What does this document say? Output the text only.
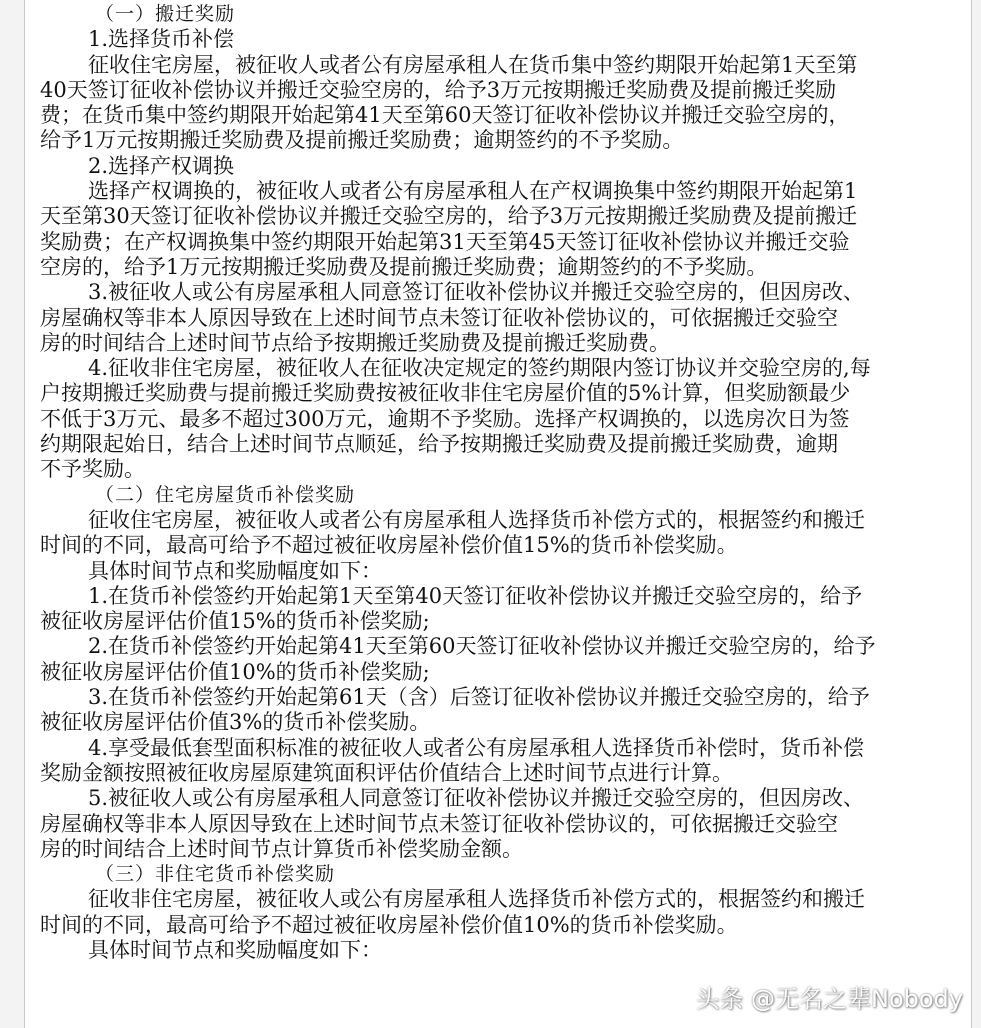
（一）搬迁奖励
1.选择货币补偿
征收住宅房屋，被征收人或者公有房屋承租人在货币集中签约期限开始起第1天至第
40天签订征收补偿协议并搬迁交验空房的，给予3万元按期搬迁奖励费及提前搬迁奖励
费；在货币集中签约期限开始起第41天至第60天签订征收补偿协议并搬迁交验空房的，
给予1万元按期搬迁奖励费及提前搬迁奖励费；逾期签约的不予奖励。
2.选择产权调换
选择产权调换的，被征收人或者公有房屋承租人在产权调换集中签约期限开始起第1
天至第30天签订征收补偿协议并搬迁交验空房的，给予3万元按期搬迁奖励费及提前搬迁
奖励费；在产权调换集中签约期限开始起第31天至第45天签订征收补偿协议并搬迁交验
空房的，给予1万元按期搬迁奖励费及提前搬迁奖励费；逾期签约的不予奖励。
3.被征收人或公有房屋承租人同意签订征收补偿协议并搬迁交验空房的，但因房改、
房屋确权等非本人原因导致在上述时间节点未签订征收补偿协议的，可依据搬迁交验空
房的时间结合上述时间节点给予按期搬迁奖励费及提前搬迁奖励费。
4.征收非住宅房屋，被征收人在征收决定规定的签约期限内签订协议并交验空房的,每
户按期搬迁奖励费与提前搬迁奖励费按被征收非住宅房屋价值的5%计算，但奖励额最少
不低于3万元、最多不超过300万元，逾期不予奖励。选择产权调换的，以选房次日为签
约期限起始日，结合上述时间节点顺延，给予按期搬迁奖励费及提前搬迁奖励费，逾期
不予奖励。
（二）住宅房屋货币补偿奖励
征收住宅房屋，被征收人或者公有房屋承租人选择货币补偿方式的，根据签约和搬迁
时间的不同，最高可给予不超过被征收房屋补偿价值15%的货币补偿奖励。
具体时间节点和奖励幅度如下：
1.在货币补偿签约开始起第1天至第40天签订征收补偿协议并搬迁交验空房的，给予
被征收房屋评估价值15%的货币补偿奖励;
2.在货币补偿签约开始起第41天至第60天签订征收补偿协议并搬迁交验空房的，给予
被征收房屋评估价值10%的货币补偿奖励;
3.在货币补偿签约开始起第61天（含）后签订征收补偿协议并搬迁交验空房的，给予
被征收房屋评估价值3%的货币补偿奖励。
4.享受最低套型面积标准的被征收人或者公有房屋承租人选择货币补偿时，货币补偿
奖励金额按照被征收房屋原建筑面积评估价值结合上述时间节点进行计算。
5.被征收人或公有房屋承租人同意签订征收补偿协议并搬迁交验空房的，但因房改、
房屋确权等非本人原因导致在上述时间节点未签订征收补偿协议的，可依据搬迁交验空
房的时间结合上述时间节点计算货币补偿奖励金额。
（三）非住宅货币补偿奖励
征收非住宅房屋，被征收人或公有房屋承租人选择货币补偿方式的，根据签约和搬迁
时间的不同，最高可给予不超过被征收房屋补偿价值10%的货币补偿奖励。
具体时间节点和奖励幅度如下：
头条 @无名之辈Nobody
